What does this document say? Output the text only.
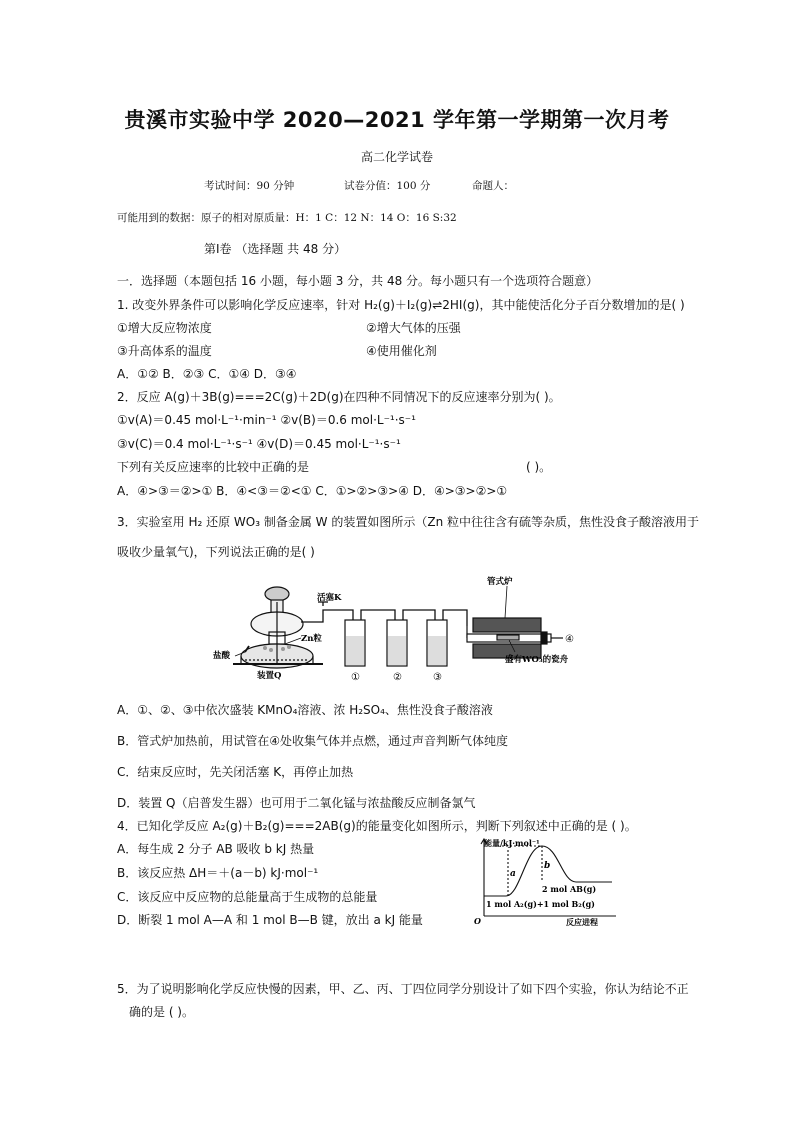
贵溪市实验中学 2020—2021 学年第一学期第一次月考
高二化学试卷
考试时间：90 分钟	试卷分值：100 分	命题人：
可能用到的数据：原子的相对原质量：H：1 C：12 N：14 O：16 S:32
第Ⅰ卷 （选择题 共 48 分）
一．选择题（本题包括 16 小题，每小题 3 分，共 48 分。每小题只有一个选项符合题意）
1. 改变外界条件可以影响化学反应速率，针对 H₂(g)＋I₂(g)⇌2HI(g)，其中能使活化分子百分数增加的是( )
①增大反应物浓度	②增大气体的压强
③升高体系的温度	④使用催化剂
A．①② B．②③ C．①④ D．③④
2．反应 A(g)＋3B(g)===2C(g)＋2D(g)在四种不同情况下的反应速率分别为( )。
①v(A)＝0.45 mol·L⁻¹·min⁻¹ ②v(B)＝0.6 mol·L⁻¹·s⁻¹
③v(C)＝0.4 mol·L⁻¹·s⁻¹ ④v(D)＝0.45 mol·L⁻¹·s⁻¹
下列有关反应速率的比较中正确的是	( )。
A．④>③＝②>① B．④<③＝②<① C．①>②>③>④ D．④>③>②>①
3．实验室用 H₂ 还原 WO₃ 制备金属 W 的装置如图所示（Zn 粒中往往含有硫等杂质，焦性没食子酸溶液用于
吸收少量氧气)，下列说法正确的是( )
活塞K
Zn粒
盐酸
装置Q
管式炉
盛有WO₃的瓷舟
①	②	③
④
A．①、②、③中依次盛装 KMnO₄溶液、浓 H₂SO₄、焦性没食子酸溶液
B．管式炉加热前，用试管在④处收集气体并点燃，通过声音判断气体纯度
C．结束反应时，先关闭活塞 K，再停止加热
D．装置 Q（启普发生器）也可用于二氧化锰与浓盐酸反应制备氯气
4．已知化学反应 A₂(g)＋B₂(g)===2AB(g)的能量变化如图所示，判断下列叙述中正确的是 ( )。
A．每生成 2 分子 AB 吸收 b kJ 热量
B．该反应热 ΔH＝＋(a－b) kJ·mol⁻¹
C．该反应中反应物的总能量高于生成物的总能量
D．断裂 1 mol A—A 和 1 mol B—B 键，放出 a kJ 能量
能量/kJ·mol⁻¹
a
b
2 mol AB(g)
1 mol A₂(g)+1 mol B₂(g)
O	反应进程
5．为了说明影响化学反应快慢的因素，甲、乙、丙、丁四位同学分别设计了如下四个实验，你认为结论不正
确的是 ( )。
